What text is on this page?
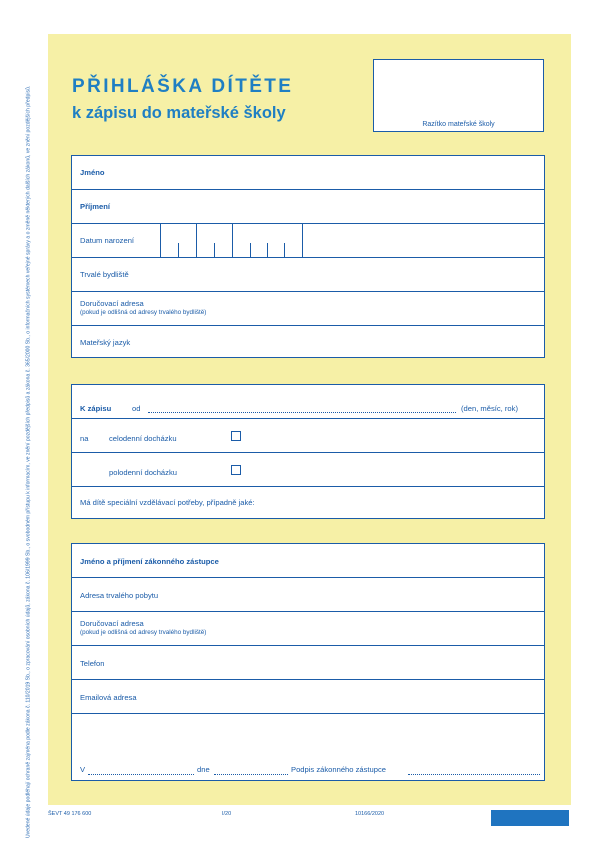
Uvedené údaje podléhají ochraně zajména podle zákona č. 110/2019 Sb., o zpracování osobních údajů, zákona č. 106/1999 Sb., o svobodném přístupu k informacím, ve znění pozdějších předpisů a zákona č. 365/2000 Sb., o informačních systémech veřejné správy a o změně některých dalších zákonů, ve znění pozdějších předpisů. PŘIHLÁŠKA DÍTĚTE
k zápisu do mateřské školy
Razítko mateřské školy
Jméno
Příjmení
Datum narození
Trvalé bydliště
Doručovací adresa
(pokud je odlišná od adresy trvalého bydliště)
Mateřský jazyk
K zápisu	od	(den, měsíc, rok)
na	celodenní docházku
polodenní docházku
Má dítě speciální vzdělávací potřeby, případně jaké:
Jméno a příjmení zákonného zástupce
Adresa trvalého pobytu
Doručovací adresa
(pokud je odlišná od adresy trvalého bydliště)
Telefon
Emailová adresa
V	dne	Podpis zákonného zástupce
ŠEVT 49 176 600	I/20	10166/2020
